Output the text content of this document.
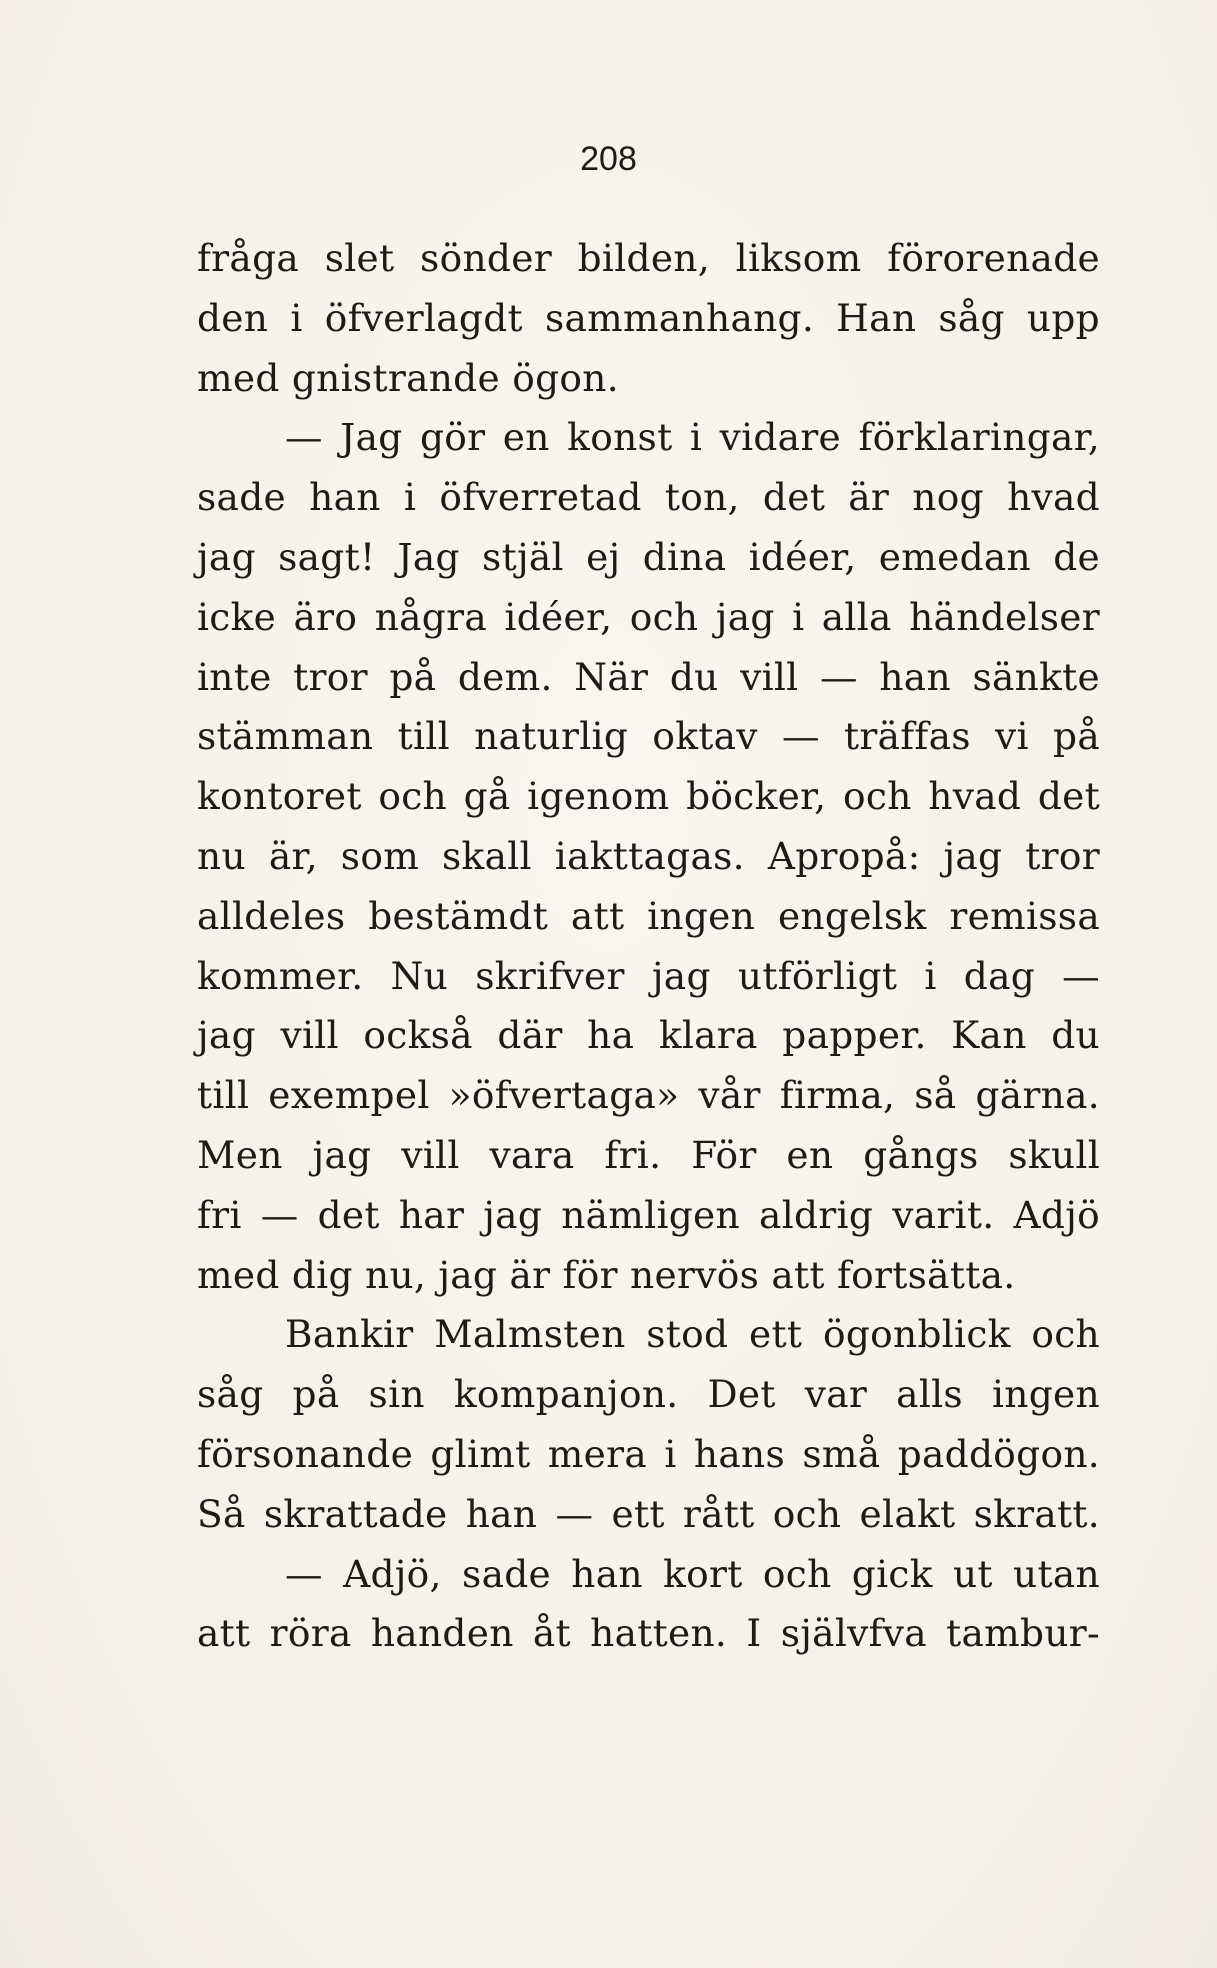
208
fråga slet sönder bilden, liksom förorenade
den i öfverlagdt sammanhang. Han såg upp
med gnistrande ögon.
— Jag gör en konst i vidare förklaringar,
sade han i öfverretad ton, det är nog hvad
jag sagt! Jag stjäl ej dina idéer, emedan de
icke äro några idéer, och jag i alla händelser
inte tror på dem. När du vill — han sänkte
stämman till naturlig oktav — träffas vi på
kontoret och gå igenom böcker, och hvad det
nu är, som skall iakttagas. Apropå: jag tror
alldeles bestämdt att ingen engelsk remissa
kommer. Nu skrifver jag utförligt i dag —
jag vill också där ha klara papper. Kan du
till exempel »öfvertaga» vår firma, så gärna.
Men jag vill vara fri. För en gångs skull
fri — det har jag nämligen aldrig varit. Adjö
med dig nu, jag är för nervös att fortsätta.
Bankir Malmsten stod ett ögonblick och
såg på sin kompanjon. Det var alls ingen
försonande glimt mera i hans små paddögon.
Så skrattade han — ett rått och elakt skratt.
— Adjö, sade han kort och gick ut utan
att röra handen åt hatten. I självfva tambur-
